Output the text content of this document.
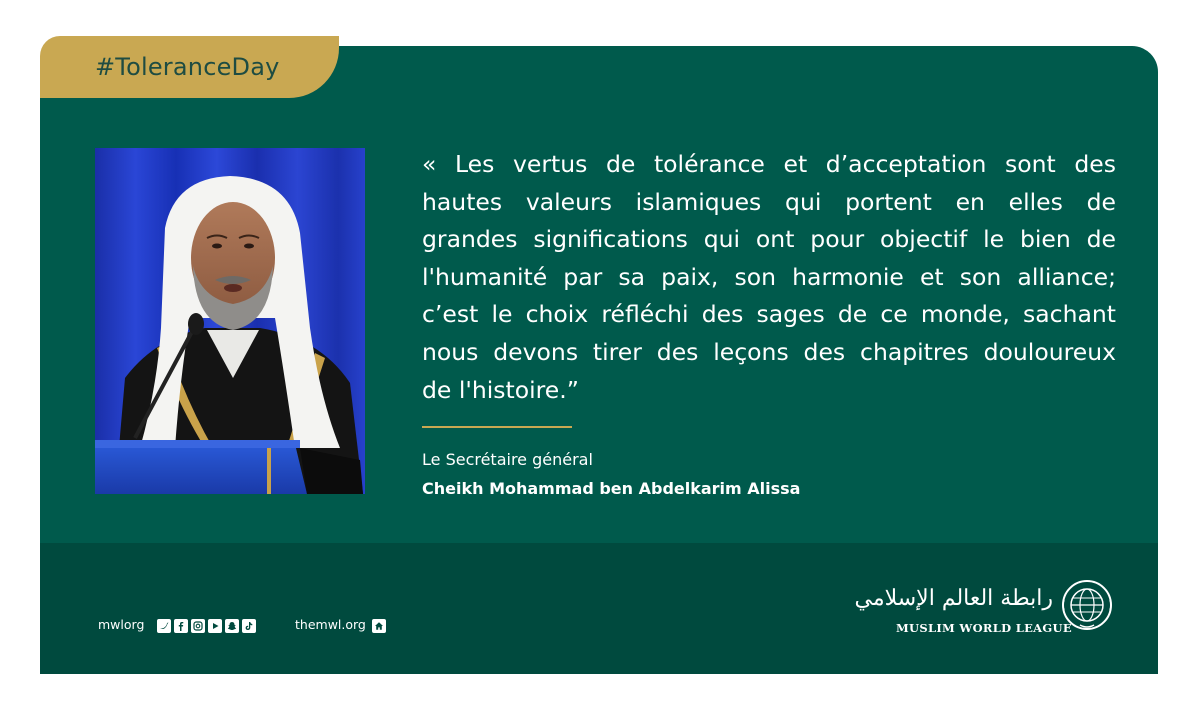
#ToleranceDay
« Les vertus de tolérance et d’acceptation sont des
hautes valeurs islamiques qui portent en elles de
grandes significations qui ont pour objectif le bien de
l'humanité par sa paix, son harmonie et son alliance;
c’est le choix réfléchi des sages de ce monde, sachant
nous devons tirer des leçons des chapitres douloureux
de l'histoire.”
Le Secrétaire général
Cheikh Mohammad ben Abdelkarim Alissa
mwlorg	themwl.org
رابطة العالم الإسلامي
MUSLIM WORLD LEAGUE
